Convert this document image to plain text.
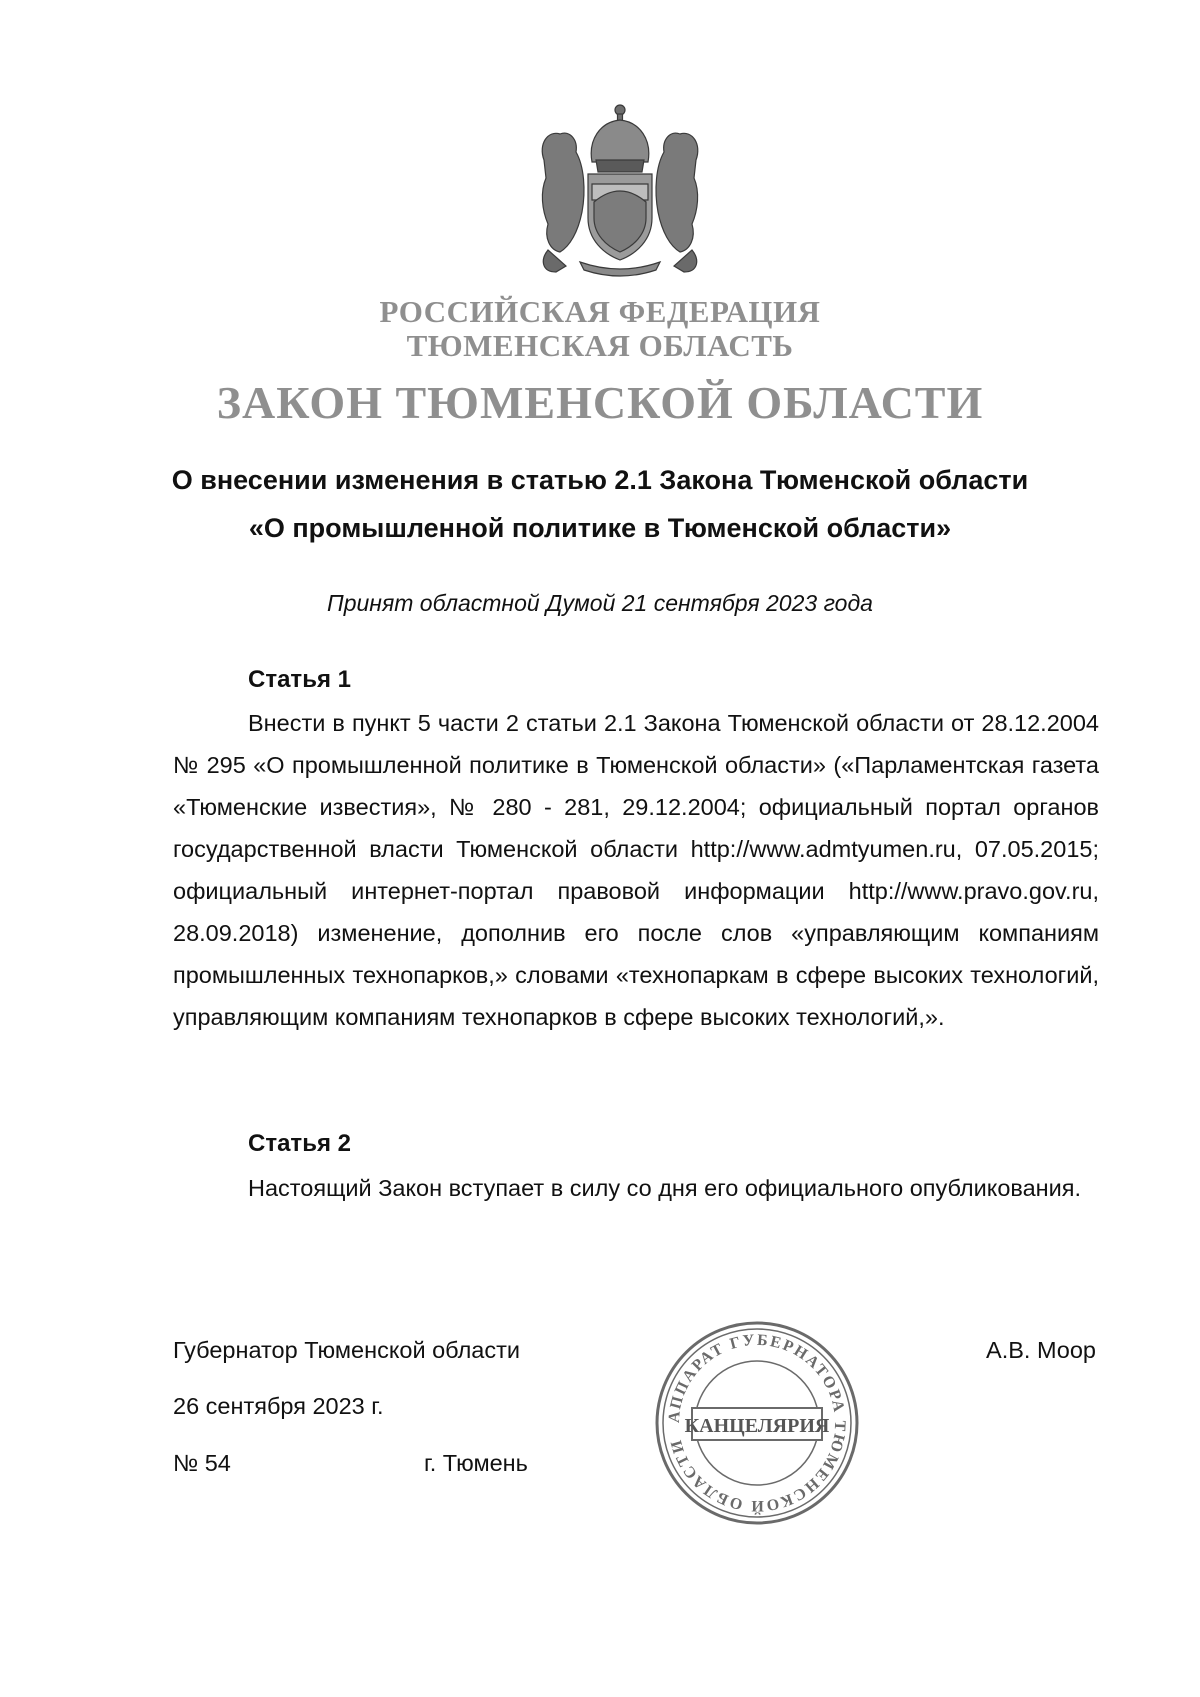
РОССИЙСКАЯ ФЕДЕРАЦИЯ
ТЮМЕНСКАЯ ОБЛАСТЬ
ЗАКОН ТЮМЕНСКОЙ ОБЛАСТИ
О внесении изменения в статью 2.1 Закона Тюменской области
«О промышленной политике в Тюменской области»
Принят областной Думой 21 сентября 2023 года
Статья 1

Внести в пункт 5 части 2 статьи 2.1 Закона Тюменской области от 28.12.2004 № 295 «О промышленной политике в Тюменской области» («Парламентская газета «Тюменские известия», № 280 - 281, 29.12.2004; официальный портал органов государственной власти Тюменской области http://www.admtyumen.ru, 07.05.2015; официальный интернет-портал правовой информации http://www.pravo.gov.ru, 28.09.2018) изменение, дополнив его после слов «управляющим компаниям промышленных технопарков,» словами «технопаркам в сфере высоких технологий, управляющим компаниям технопарков в сфере высоких технологий,».

Статья 2

Настоящий Закон вступает в силу со дня его официального опубликования.

Губернатор Тюменской области	А.В. Моор
26 сентября 2023 г.
№ 54	г. Тюмень
АППАРАТ ГУБЕРНАТОРА ТЮМЕНСКОЙ ОБЛАСТИ
КАНЦЕЛЯРИЯ
